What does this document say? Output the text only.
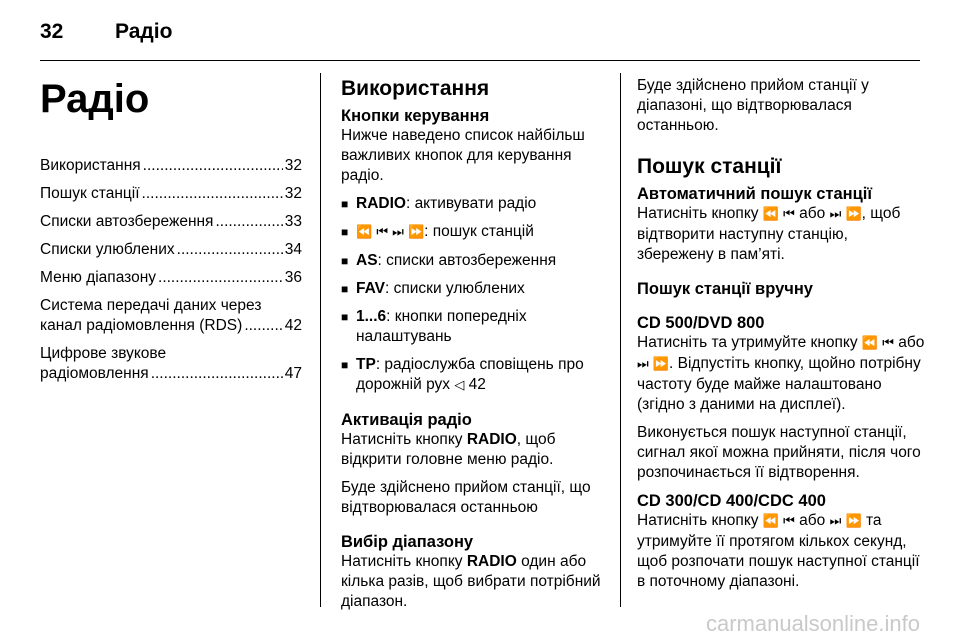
32 Радіо
Радіо
Використання .....	32
Пошук станції .....	32
Списки автозбереження .....	33
Списки улюблених .....	34
Меню діапазону .....	36
Система передачі даних через
канал радіомовлення (RDS) .....	42
Цифрове звукове
радіомовлення .....	47
Використання
Кнопки керування

Нижче наведено список найбільш важливих кнопок для керування радіо.

■ RADIO: активувати радіо
■ ⏪ ⏮ ⏭ ⏩: пошук станцій
■ AS: списки автозбереження
■ FAV: списки улюблених
■ 1...6: кнопки попередніх налаштувань
■ TP: радіослужба сповіщень про дорожній рух ◁ 42
Активація радіо

Натисніть кнопку RADIO, щоб відкрити головне меню радіо.

Буде здійснено прийом станції, що відтворювалася останньою

Вибір діапазону

Натисніть кнопку RADIO один або кілька разів, щоб вибрати потрібний діапазон.

Буде здійснено прийом станції у діапазоні, що відтворювалася останньою.

Пошук станції
Автоматичний пошук станції

Натисніть кнопку ⏪ ⏮ або ⏭ ⏩, щоб відтворити наступну станцію, збережену в пам’яті.

Пошук станції вручну
CD 500/DVD 800

Натисніть та утримуйте кнопку ⏪ ⏮ або ⏭ ⏩. Відпустіть кнопку, щойно потрібну частоту буде майже налаштовано (згідно з даними на дисплеї).

Виконується пошук наступної станції, сигнал якої можна прийняти, після чого розпочинається її відтворення.

CD 300/CD 400/CDC 400

Натисніть кнопку ⏪ ⏮ або ⏭ ⏩ та утримуйте її протягом кількох секунд, щоб розпочати пошук наступної станції в поточному діапазоні.

carmanualsonline.info
